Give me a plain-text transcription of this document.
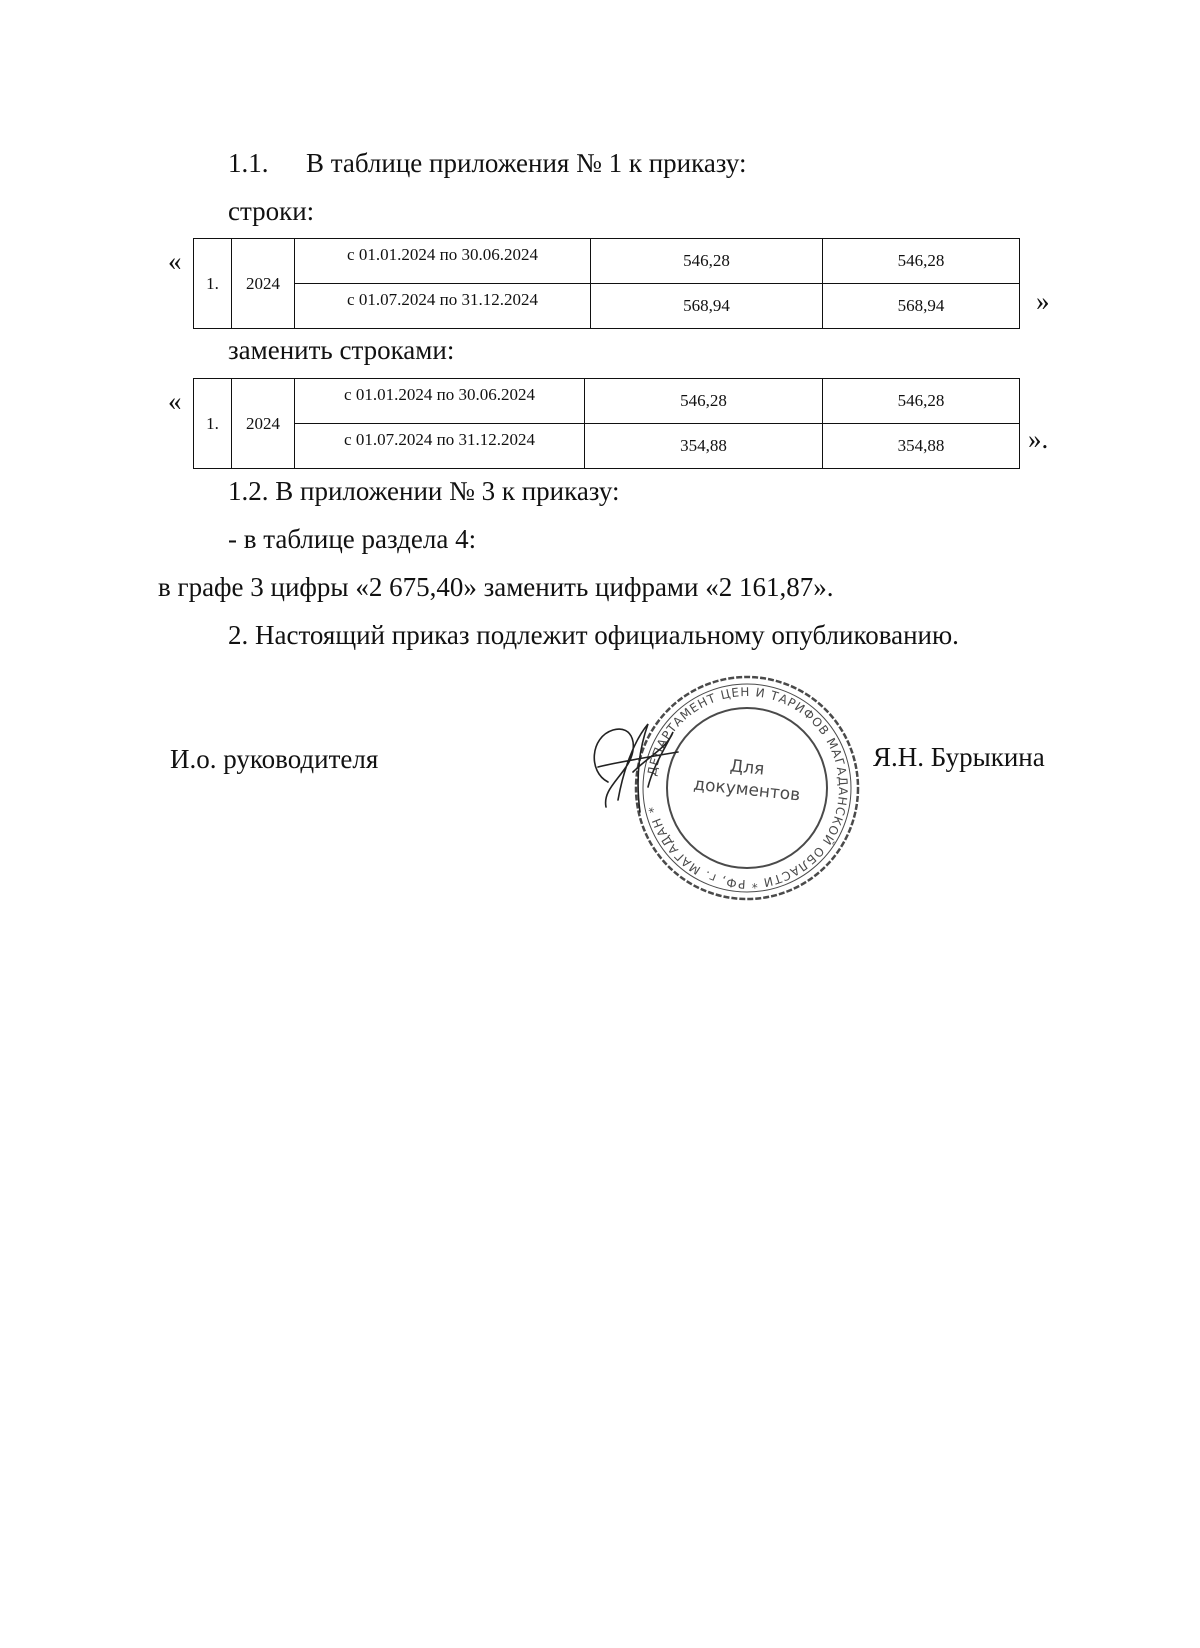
1.1. В таблице приложения № 1 к приказу:
строки:
«
1.	2024	с 01.01.2024 по 30.06.2024	546,28	546,28
		с 01.07.2024 по 31.12.2024	568,94	568,94	»
заменить строками:
«
1.	2024	с 01.01.2024 по 30.06.2024	546,28	546,28
		с 01.07.2024 по 31.12.2024	354,88	354,88	».
1.2. В приложении № 3 к приказу:
- в таблице раздела 4:
в графе 3 цифры «2 675,40» заменить цифрами «2 161,87».
2. Настоящий приказ подлежит официальному опубликованию.
И.о. руководителя	Я.Н. Бурыкина
ДЕПАРТАМЕНТ ЦЕН И ТАРИФОВ МАГАДАНСКОЙ ОБЛАСТИ * РФ, г. МАГАДАН *
Для
документов
